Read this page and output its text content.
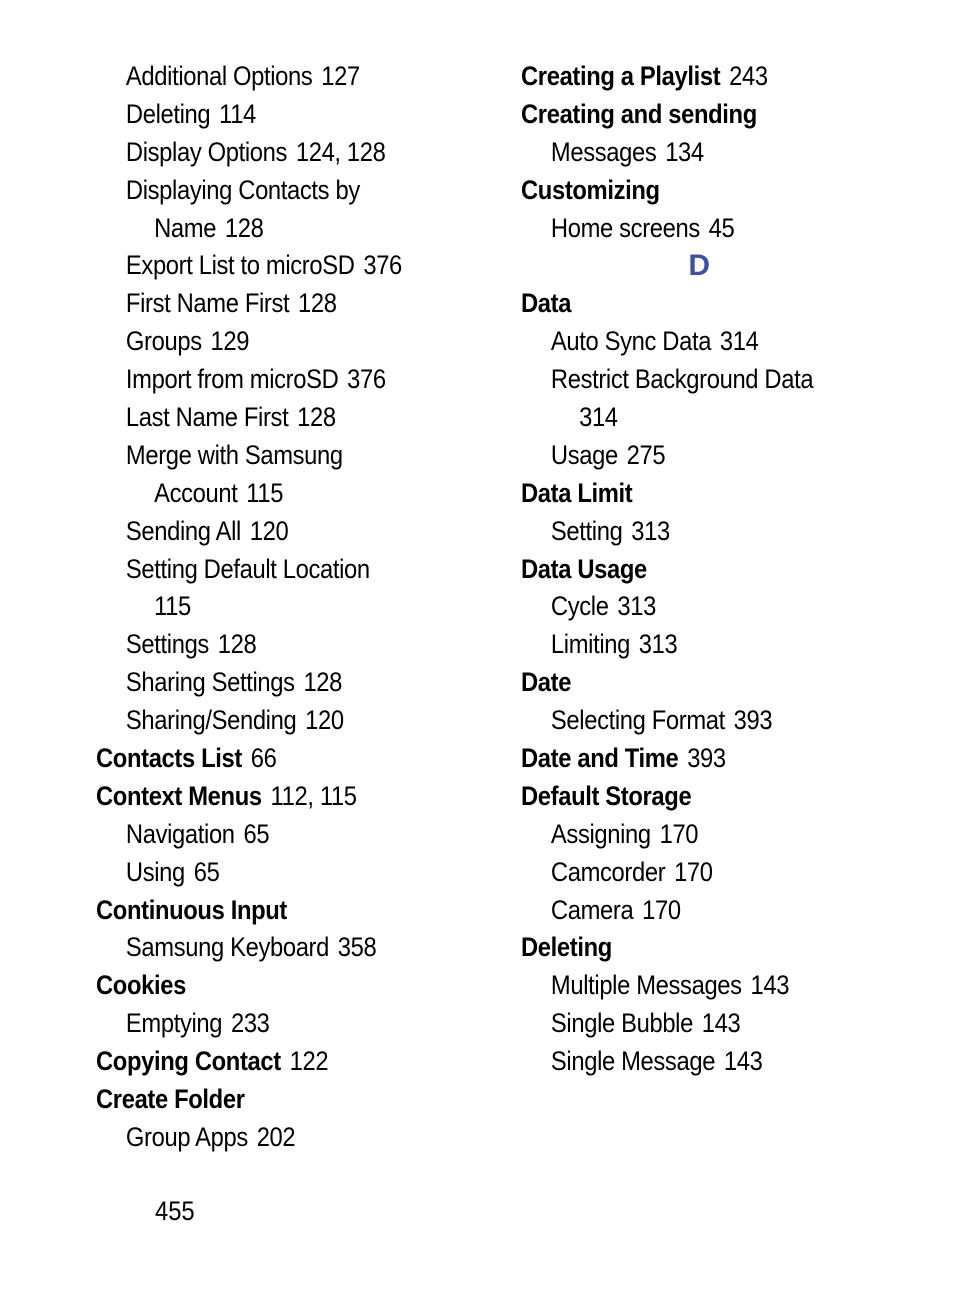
Additional Options 127
Deleting 114
Display Options 124, 128
Displaying Contacts by
Name 128
Export List to microSD 376
First Name First 128
Groups 129
Import from microSD 376
Last Name First 128
Merge with Samsung
Account 115
Sending All 120
Setting Default Location
115
Settings 128
Sharing Settings 128
Sharing/Sending 120
Contacts List 66
Context Menus 112, 115
Navigation 65
Using 65
Continuous Input
Samsung Keyboard 358
Cookies
Emptying 233
Copying Contact 122
Create Folder
Group Apps 202
Creating a Playlist 243
Creating and sending
Messages 134
Customizing
Home screens 45
D
Data
Auto Sync Data 314
Restrict Background Data
314
Usage 275
Data Limit
Setting 313
Data Usage
Cycle 313
Limiting 313
Date
Selecting Format 393
Date and Time 393
Default Storage
Assigning 170
Camcorder 170
Camera 170
Deleting
Multiple Messages 143
Single Bubble 143
Single Message 143
455
